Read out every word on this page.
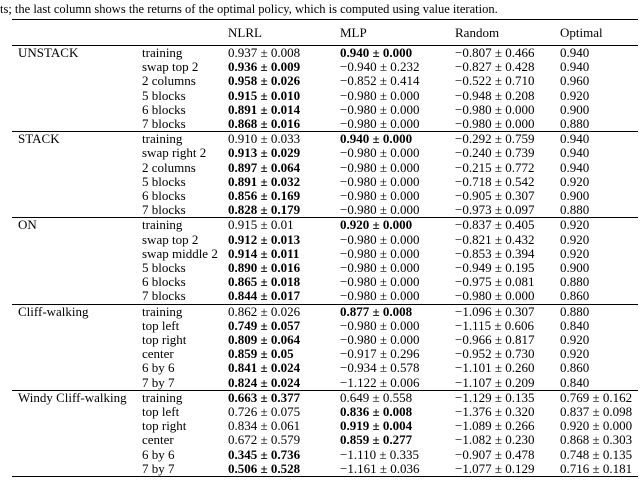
ts; the last column shows the returns of the optimal policy, which is computed using value iteration.
		NLRL	MLP	Random	Optimal
UNSTACK	training	0.937 ± 0.008	0.940 ± 0.000	−0.807 ± 0.466	0.940
	swap top 2	0.936 ± 0.009	−0.940 ± 0.232	−0.827 ± 0.428	0.940
	2 columns	0.958 ± 0.026	−0.852 ± 0.414	−0.522 ± 0.710	0.960
	5 blocks	0.915 ± 0.010	−0.980 ± 0.000	−0.948 ± 0.208	0.920
	6 blocks	0.891 ± 0.014	−0.980 ± 0.000	−0.980 ± 0.000	0.900
	7 blocks	0.868 ± 0.016	−0.980 ± 0.000	−0.980 ± 0.000	0.880
STACK	training	0.910 ± 0.033	0.940 ± 0.000	−0.292 ± 0.759	0.940
	swap right 2	0.913 ± 0.029	−0.980 ± 0.000	−0.240 ± 0.739	0.940
	2 columns	0.897 ± 0.064	−0.980 ± 0.000	−0.215 ± 0.772	0.940
	5 blocks	0.891 ± 0.032	−0.980 ± 0.000	−0.718 ± 0.542	0.920
	6 blocks	0.856 ± 0.169	−0.980 ± 0.000	−0.905 ± 0.307	0.900
	7 blocks	0.828 ± 0.179	−0.980 ± 0.000	−0.973 ± 0.097	0.880
ON	training	0.915 ± 0.01	0.920 ± 0.000	−0.837 ± 0.405	0.920
	swap top 2	0.912 ± 0.013	−0.980 ± 0.000	−0.821 ± 0.432	0.920
	swap middle 2	0.914 ± 0.011	−0.980 ± 0.000	−0.853 ± 0.394	0.920
	5 blocks	0.890 ± 0.016	−0.980 ± 0.000	−0.949 ± 0.195	0.900
	6 blocks	0.865 ± 0.018	−0.980 ± 0.000	−0.975 ± 0.081	0.880
	7 blocks	0.844 ± 0.017	−0.980 ± 0.000	−0.980 ± 0.000	0.860
Cliff-walking	training	0.862 ± 0.026	0.877 ± 0.008	−1.096 ± 0.307	0.880
	top left	0.749 ± 0.057	−0.980 ± 0.000	−1.115 ± 0.606	0.840
	top right	0.809 ± 0.064	−0.980 ± 0.000	−0.966 ± 0.817	0.920
	center	0.859 ± 0.05	−0.917 ± 0.296	−0.952 ± 0.730	0.920
	6 by 6	0.841 ± 0.024	−0.934 ± 0.578	−1.101 ± 0.260	0.860
	7 by 7	0.824 ± 0.024	−1.122 ± 0.006	−1.107 ± 0.209	0.840
Windy Cliff-walking	training	0.663 ± 0.377	0.649 ± 0.558	−1.129 ± 0.135	0.769 ± 0.162
	top left	0.726 ± 0.075	0.836 ± 0.008	−1.376 ± 0.320	0.837 ± 0.098
	top right	0.834 ± 0.061	0.919 ± 0.004	−1.089 ± 0.266	0.920 ± 0.000
	center	0.672 ± 0.579	0.859 ± 0.277	−1.082 ± 0.230	0.868 ± 0.303
	6 by 6	0.345 ± 0.736	−1.110 ± 0.335	−0.907 ± 0.478	0.748 ± 0.135
	7 by 7	0.506 ± 0.528	−1.161 ± 0.036	−1.077 ± 0.129	0.716 ± 0.181
